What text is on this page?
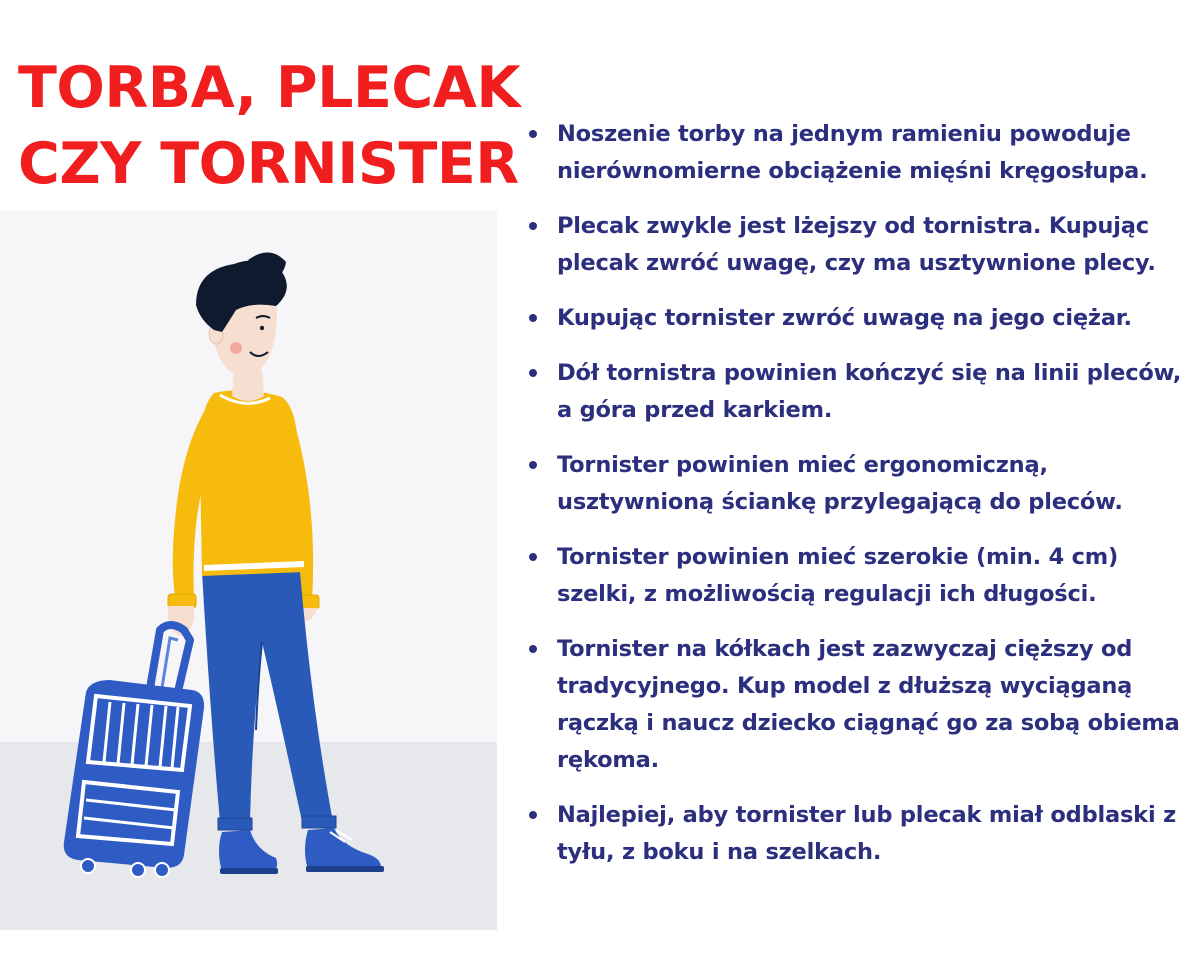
TORBA, PLECAK
CZY TORNISTER	Noszenie torby na jednym ramieniu powoduje nierównomierne obciążenie mięśni kręgosłupa.
Plecak zwykle jest lżejszy od tornistra. Kupując plecak zwróć uwagę, czy ma usztywnione plecy.
Kupując tornister zwróć uwagę na jego ciężar.
Dół tornistra powinien kończyć się na linii pleców, a góra przed karkiem.
Tornister powinien mieć ergonomiczną, usztywnioną ściankę przylegającą do pleców.
Tornister powinien mieć szerokie (min. 4 cm) szelki, z możliwością regulacji ich długości.
Tornister na kółkach jest zazwyczaj cięższy od tradycyjnego. Kup model z dłuższą wyciąganą rączką i naucz dziecko ciągnąć go za sobą obiema rękoma.
Najlepiej, aby tornister lub plecak miał odblaski z tyłu, z boku i na szelkach.
